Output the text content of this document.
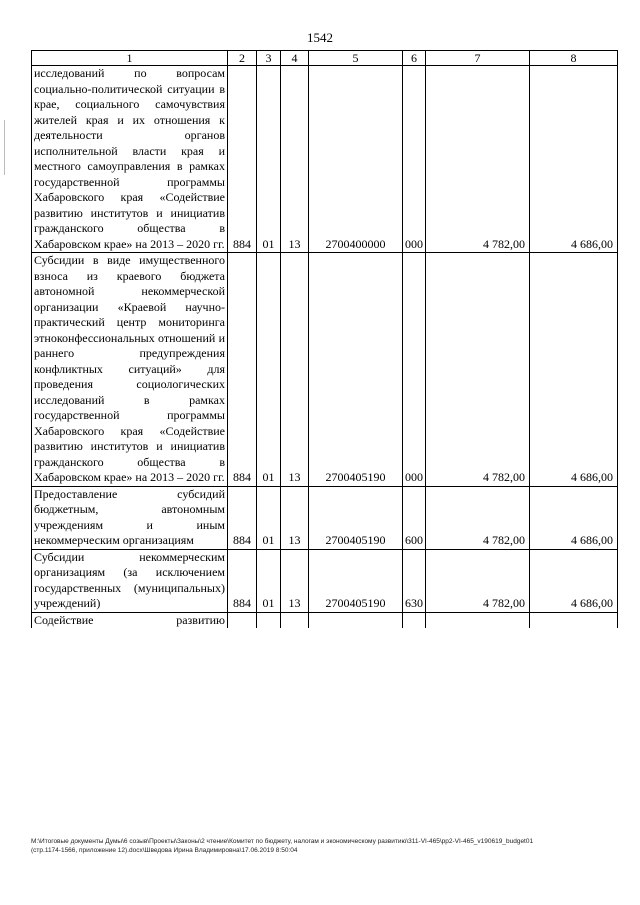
1542
1	2	3	4	5	6	7	8

исследований по вопросам социально-политической ситуации в крае, социального самочувствия жителей края и их отношения к деятельности органов исполнительной власти края и местного самоуправления в рамках государственной программы Хабаровского края «Содействие развитию институтов и инициатив гражданского общества в Хабаровском крае» на 2013 – 2020 гг.	884	01	13	2700400000	000	4 782,00	4 686,00

Субсидии в виде имущественного взноса из краевого бюджета автономной некоммерческой организации «Краевой научно-практический центр мониторинга этноконфессиональных отношений и раннего предупреждения конфликтных ситуаций» для проведения социологических исследований в рамках государственной программы Хабаровского края «Содействие развитию институтов и инициатив гражданского общества в Хабаровском крае» на 2013 – 2020 гг.	884	01	13	2700405190	000	4 782,00	4 686,00

Предоставление субсидий бюджетным, автономным учреждениям и иным некоммерческим организациям	884	01	13	2700405190	600	4 782,00	4 686,00

Субсидии некоммерческим организациям (за исключением государственных (муниципальных) учреждений)	884	01	13	2700405190	630	4 782,00	4 686,00
Содействие развитию							
M:\Итоговые документы Думы\6 созыв\Проекты\Законы\2 чтение\Комитет по бюджету, налогам и экономическому развитию\311-VI-465\рр2-VI-465_v190619_budget01
(стр.1174-1566, приложение 12).docx\Шведова Ирина Владимировна\17.06.2019 8:50:04
